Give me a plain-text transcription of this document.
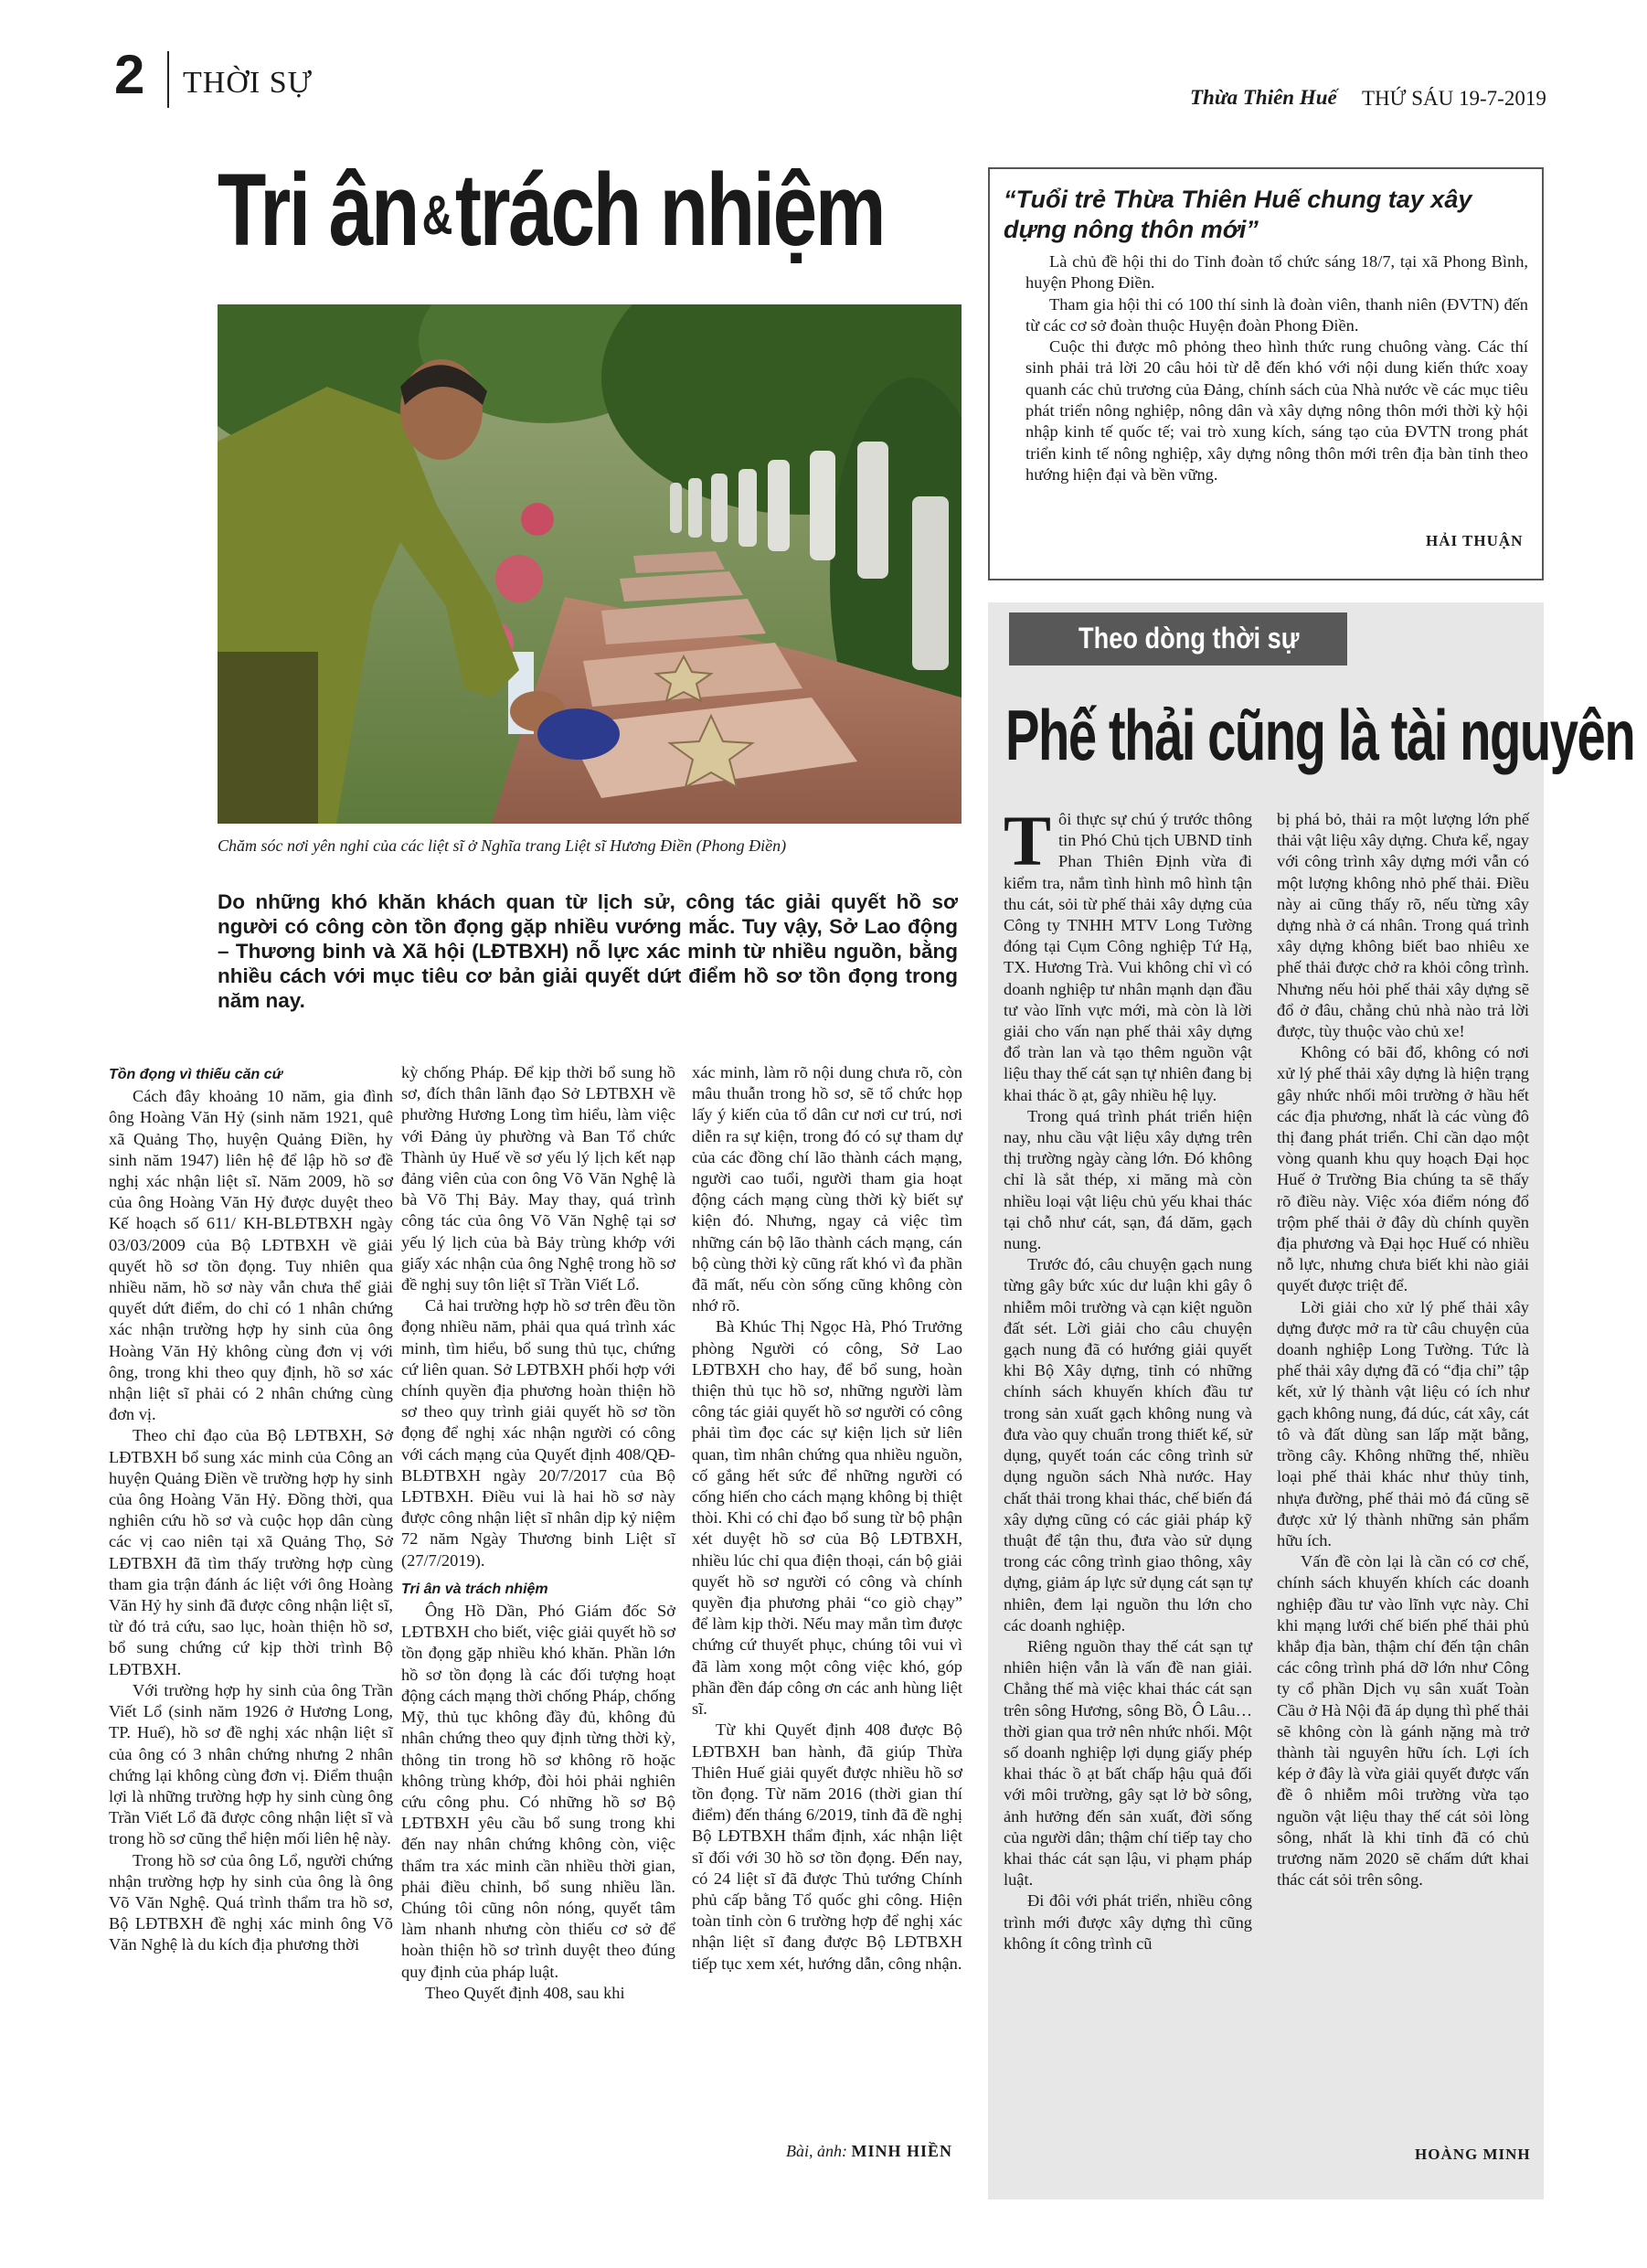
2 THỜI SỰ	Thừa Thiên Huế THỨ SÁU 19-7-2019
Tri ân&trách nhiệm
Chăm sóc nơi yên nghỉ của các liệt sĩ ở Nghĩa trang Liệt sĩ Hương Điền (Phong Điền)
Do những khó khăn khách quan từ lịch sử, công tác giải quyết hồ sơ người có công còn tồn đọng gặp nhiều vướng mắc. Tuy vậy, Sở Lao động – Thương binh và Xã hội (LĐTBXH) nỗ lực xác minh từ nhiều nguồn, bằng nhiều cách với mục tiêu cơ bản giải quyết dứt điểm hồ sơ tồn đọng trong năm nay.

Tồn đọng vì thiếu căn cứ

Cách đây khoảng 10 năm, gia đình ông Hoàng Văn Hỷ (sinh năm 1921, quê xã Quảng Thọ, huyện Quảng Điền, hy sinh năm 1947) liên hệ để lập hồ sơ đề nghị xác nhận liệt sĩ. Năm 2009, hồ sơ của ông Hoàng Văn Hỷ được duyệt theo Kế hoạch số 611/ KH-BLĐTBXH ngày 03/03/2009 của Bộ LĐTBXH về giải quyết hồ sơ tồn đọng. Tuy nhiên qua nhiều năm, hồ sơ này vẫn chưa thể giải quyết dứt điểm, do chỉ có 1 nhân chứng xác nhận trường hợp hy sinh của ông Hoàng Văn Hỷ không cùng đơn vị với ông, trong khi theo quy định, hồ sơ xác nhận liệt sĩ phải có 2 nhân chứng cùng đơn vị.

Theo chỉ đạo của Bộ LĐTBXH, Sở LĐTBXH bổ sung xác minh của Công an huyện Quảng Điền về trường hợp hy sinh của ông Hoàng Văn Hỷ. Đồng thời, qua nghiên cứu hồ sơ và cuộc họp dân cùng các vị cao niên tại xã Quảng Thọ, Sở LĐTBXH đã tìm thấy trường hợp cùng tham gia trận đánh ác liệt với ông Hoàng Văn Hỷ hy sinh đã được công nhận liệt sĩ, từ đó trả cứu, sao lục, hoàn thiện hồ sơ, bổ sung chứng cứ kịp thời trình Bộ LĐTBXH.

Với trường hợp hy sinh của ông Trần Viết Lổ (sinh năm 1926 ở Hương Long, TP. Huế), hồ sơ đề nghị xác nhận liệt sĩ của ông có 3 nhân chứng nhưng 2 nhân chứng lại không cùng đơn vị. Điểm thuận lợi là những trường hợp hy sinh cùng ông Trần Viết Lổ đã được công nhận liệt sĩ và trong hồ sơ cũng thể hiện mối liên hệ này.

Trong hồ sơ của ông Lổ, người chứng nhận trường hợp hy sinh của ông là ông Võ Văn Nghệ. Quá trình thẩm tra hồ sơ, Bộ LĐTBXH đề nghị xác minh ông Võ Văn Nghệ là du kích địa phương thời

kỳ chống Pháp. Để kịp thời bổ sung hồ sơ, đích thân lãnh đạo Sở LĐTBXH về phường Hương Long tìm hiểu, làm việc với Đảng ủy phường và Ban Tổ chức Thành ủy Huế về sơ yếu lý lịch kết nạp đảng viên của con ông Võ Văn Nghệ là bà Võ Thị Bảy. May thay, quá trình công tác của ông Võ Văn Nghệ tại sơ yếu lý lịch của bà Bảy trùng khớp với giấy xác nhận của ông Nghệ trong hồ sơ đề nghị suy tôn liệt sĩ Trần Viết Lổ.

Cả hai trường hợp hồ sơ trên đều tồn đọng nhiều năm, phải qua quá trình xác minh, tìm hiểu, bổ sung thủ tục, chứng cứ liên quan. Sở LĐTBXH phối hợp với chính quyền địa phương hoàn thiện hồ sơ theo quy trình giải quyết hồ sơ tồn đọng để nghị xác nhận người có công với cách mạng của Quyết định 408/QĐ-BLĐTBXH ngày 20/7/2017 của Bộ LĐTBXH. Điều vui là hai hồ sơ này được công nhận liệt sĩ nhân dịp kỷ niệm 72 năm Ngày Thương binh Liệt sĩ (27/7/2019).

Tri ân và trách nhiệm

Ông Hồ Dần, Phó Giám đốc Sở LĐTBXH cho biết, việc giải quyết hồ sơ tồn đọng gặp nhiều khó khăn. Phần lớn hồ sơ tồn đọng là các đối tượng hoạt động cách mạng thời chống Pháp, chống Mỹ, thủ tục không đầy đủ, không đủ nhân chứng theo quy định từng thời kỳ, thông tin trong hồ sơ không rõ hoặc không trùng khớp, đòi hỏi phải nghiên cứu công phu. Có những hồ sơ Bộ LĐTBXH yêu cầu bổ sung trong khi đến nay nhân chứng không còn, việc thẩm tra xác minh cần nhiều thời gian, phải điều chỉnh, bổ sung nhiều lần. Chúng tôi cũng nôn nóng, quyết tâm làm nhanh nhưng còn thiếu cơ sở để hoàn thiện hồ sơ trình duyệt theo đúng quy định của pháp luật.

Theo Quyết định 408, sau khi

xác minh, làm rõ nội dung chưa rõ, còn mâu thuẫn trong hồ sơ, sẽ tổ chức họp lấy ý kiến của tổ dân cư nơi cư trú, nơi diễn ra sự kiện, trong đó có sự tham dự của các đồng chí lão thành cách mạng, người cao tuổi, người tham gia hoạt động cách mạng cùng thời kỳ biết sự kiện đó. Nhưng, ngay cả việc tìm những cán bộ lão thành cách mạng, cán bộ cùng thời kỳ cũng rất khó vì đa phần đã mất, nếu còn sống cũng không còn nhớ rõ.

Bà Khúc Thị Ngọc Hà, Phó Trưởng phòng Người có công, Sở Lao LĐTBXH cho hay, để bổ sung, hoàn thiện thủ tục hồ sơ, những người làm công tác giải quyết hồ sơ người có công phải tìm đọc các sự kiện lịch sử liên quan, tìm nhân chứng qua nhiều nguồn, cố gắng hết sức để những người có cống hiến cho cách mạng không bị thiệt thòi. Khi có chỉ đạo bổ sung từ bộ phận xét duyệt hồ sơ của Bộ LĐTBXH, nhiều lúc chỉ qua điện thoại, cán bộ giải quyết hồ sơ người có công và chính quyền địa phương phải “co giò chạy” để làm kịp thời. Nếu may mắn tìm được chứng cứ thuyết phục, chúng tôi vui vì đã làm xong một công việc khó, góp phần đền đáp công ơn các anh hùng liệt sĩ.

Từ khi Quyết định 408 được Bộ LĐTBXH ban hành, đã giúp Thừa Thiên Huế giải quyết được nhiều hồ sơ tồn đọng. Từ năm 2016 (thời gian thí điểm) đến tháng 6/2019, tỉnh đã đề nghị Bộ LĐTBXH thẩm định, xác nhận liệt sĩ đối với 30 hồ sơ tồn đọng. Đến nay, có 24 liệt sĩ đã được Thủ tướng Chính phủ cấp bằng Tổ quốc ghi công. Hiện toàn tỉnh còn 6 trường hợp để nghị xác nhận liệt sĩ đang được Bộ LĐTBXH tiếp tục xem xét, hướng dẫn, công nhận.

Bài, ảnh: MINH HIỀN
“Tuổi trẻ Thừa Thiên Huế chung tay xây dựng nông thôn mới”

Là chủ đề hội thi do Tỉnh đoàn tổ chức sáng 18/7, tại xã Phong Bình, huyện Phong Điền.

Tham gia hội thi có 100 thí sinh là đoàn viên, thanh niên (ĐVTN) đến từ các cơ sở đoàn thuộc Huyện đoàn Phong Điền.

Cuộc thi được mô phỏng theo hình thức rung chuông vàng. Các thí sinh phải trả lời 20 câu hỏi từ dễ đến khó với nội dung kiến thức xoay quanh các chủ trương của Đảng, chính sách của Nhà nước về các mục tiêu phát triển nông nghiệp, nông dân và xây dựng nông thôn mới thời kỳ hội nhập kinh tế quốc tế; vai trò xung kích, sáng tạo của ĐVTN trong phát triển kinh tế nông nghiệp, xây dựng nông thôn mới trên địa bàn tỉnh theo hướng hiện đại và bền vững.

HẢI THUẬN
Theo dòng thời sự
Phế thải cũng là tài nguyên

Tôi thực sự chú ý trước thông tin Phó Chủ tịch UBND tỉnh Phan Thiên Định vừa đi kiểm tra, nắm tình hình mô hình tận thu cát, sỏi từ phế thải xây dựng của Công ty TNHH MTV Long Tường đóng tại Cụm Công nghiệp Tứ Hạ, TX. Hương Trà. Vui không chỉ vì có doanh nghiệp tư nhân mạnh dạn đầu tư vào lĩnh vực mới, mà còn là lời giải cho vấn nạn phế thải xây dựng đổ tràn lan và tạo thêm nguồn vật liệu thay thế cát sạn tự nhiên đang bị khai thác ồ ạt, gây nhiều hệ lụy.

Trong quá trình phát triển hiện nay, nhu cầu vật liệu xây dựng trên thị trường ngày càng lớn. Đó không chỉ là sắt thép, xi măng mà còn nhiều loại vật liệu chủ yếu khai thác tại chỗ như cát, sạn, đá dăm, gạch nung.

Trước đó, câu chuyện gạch nung từng gây bức xúc dư luận khi gây ô nhiễm môi trường và cạn kiệt nguồn đất sét. Lời giải cho câu chuyện gạch nung đã có hướng giải quyết khi Bộ Xây dựng, tỉnh có những chính sách khuyến khích đầu tư trong sản xuất gạch không nung và đưa vào quy chuẩn trong thiết kế, sử dụng, quyết toán các công trình sử dụng nguồn sách Nhà nước. Hay chất thải trong khai thác, chế biến đá xây dựng cũng có các giải pháp kỹ thuật để tận thu, đưa vào sử dụng trong các công trình giao thông, xây dựng, giảm áp lực sử dụng cát sạn tự nhiên, đem lại nguồn thu lớn cho các doanh nghiệp.

Riêng nguồn thay thế cát sạn tự nhiên hiện vẫn là vấn đề nan giải. Chẳng thế mà việc khai thác cát sạn trên sông Hương, sông Bồ, Ô Lâu… thời gian qua trở nên nhức nhối. Một số doanh nghiệp lợi dụng giấy phép khai thác ồ ạt bất chấp hậu quả đối với môi trường, gây sạt lở bờ sông, ảnh hưởng đến sản xuất, đời sống của người dân; thậm chí tiếp tay cho khai thác cát sạn lậu, vi phạm pháp luật.

Đi đôi với phát triển, nhiều công trình mới được xây dựng thì cũng không ít công trình cũ

bị phá bỏ, thải ra một lượng lớn phế thải vật liệu xây dựng. Chưa kể, ngay với công trình xây dựng mới vẫn có một lượng không nhỏ phế thải. Điều này ai cũng thấy rõ, nếu từng xây dựng nhà ở cá nhân. Trong quá trình xây dựng không biết bao nhiêu xe phế thải được chở ra khỏi công trình. Nhưng nếu hỏi phế thải xây dựng sẽ đổ ở đâu, chẳng chủ nhà nào trả lời được, tùy thuộc vào chủ xe!

Không có bãi đổ, không có nơi xử lý phế thải xây dựng là hiện trạng gây nhức nhối môi trường ở hầu hết các địa phương, nhất là các vùng đô thị đang phát triển. Chỉ cần dạo một vòng quanh khu quy hoạch Đại học Huế ở Trường Bia chúng ta sẽ thấy rõ điều này. Việc xóa điểm nóng đổ trộm phế thải ở đây dù chính quyền địa phương và Đại học Huế có nhiều nỗ lực, nhưng chưa biết khi nào giải quyết được triệt để.

Lời giải cho xử lý phế thải xây dựng được mở ra từ câu chuyện của doanh nghiệp Long Tường. Tức là phế thải xây dựng đã có “địa chỉ” tập kết, xử lý thành vật liệu có ích như gạch không nung, đá dúc, cát xây, cát tô và đất dùng san lấp mặt bằng, trồng cây. Không những thế, nhiều loại phế thải khác như thủy tinh, nhựa đường, phế thải mỏ đá cũng sẽ được xử lý thành những sản phẩm hữu ích.

Vấn đề còn lại là cần có cơ chế, chính sách khuyến khích các doanh nghiệp đầu tư vào lĩnh vực này. Chỉ khi mạng lưới chế biến phế thải phủ khắp địa bàn, thậm chí đến tận chân các công trình phá dỡ lớn như Công ty cổ phần Dịch vụ sân xuất Toàn Cầu ở Hà Nội đã áp dụng thì phế thải sẽ không còn là gánh nặng mà trở thành tài nguyên hữu ích. Lợi ích kép ở đây là vừa giải quyết được vấn đề ô nhiễm môi trường vừa tạo nguồn vật liệu thay thế cát sỏi lòng sông, nhất là khi tỉnh đã có chủ trương năm 2020 sẽ chấm dứt khai thác cát sỏi trên sông.

HOÀNG MINH
